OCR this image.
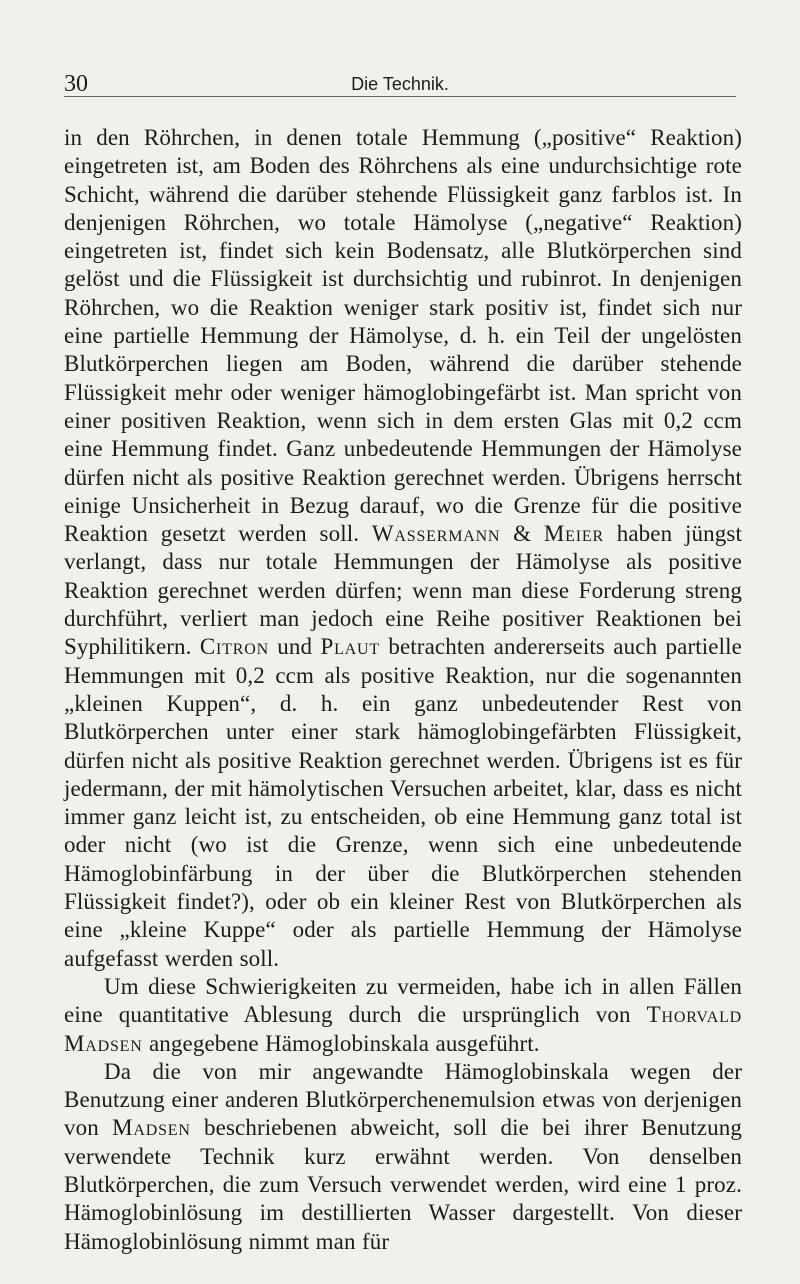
30	Die Technik.

in den Röhrchen, in denen totale Hemmung („positive“ Reaktion) eingetreten ist, am Boden des Röhrchens als eine undurchsichtige rote Schicht, während die darüber stehende Flüssigkeit ganz farblos ist. In denjenigen Röhrchen, wo totale Hämolyse („negative“ Reaktion) eingetreten ist, findet sich kein Bodensatz, alle Blutkörperchen sind gelöst und die Flüssigkeit ist durchsichtig und rubinrot. In denjenigen Röhrchen, wo die Reaktion weniger stark positiv ist, findet sich nur eine partielle Hemmung der Hämolyse, d. h. ein Teil der ungelösten Blutkörperchen liegen am Boden, während die darüber stehende Flüssigkeit mehr oder weniger hämoglobingefärbt ist. Man spricht von einer positiven Reaktion, wenn sich in dem ersten Glas mit 0,2 ccm eine Hemmung findet. Ganz unbedeutende Hemmungen der Hämolyse dürfen nicht als positive Reaktion gerechnet werden. Übrigens herrscht einige Unsicherheit in Bezug darauf, wo die Grenze für die positive Reaktion gesetzt werden soll. Wassermann & Meier haben jüngst verlangt, dass nur totale Hemmungen der Hämolyse als positive Reaktion gerechnet werden dürfen; wenn man diese Forderung streng durchführt, verliert man jedoch eine Reihe positiver Reaktionen bei Syphilitikern. Citron und Plaut betrachten andererseits auch partielle Hemmungen mit 0,2 ccm als positive Reaktion, nur die sogenannten „kleinen Kuppen“, d. h. ein ganz unbedeutender Rest von Blutkörperchen unter einer stark hämoglobingefärbten Flüssigkeit, dürfen nicht als positive Reaktion gerechnet werden. Übrigens ist es für jedermann, der mit hämolytischen Versuchen arbeitet, klar, dass es nicht immer ganz leicht ist, zu entscheiden, ob eine Hemmung ganz total ist oder nicht (wo ist die Grenze, wenn sich eine unbedeutende Hämoglobinfärbung in der über die Blutkörperchen stehenden Flüssigkeit findet?), oder ob ein kleiner Rest von Blutkörperchen als eine „kleine Kuppe“ oder als partielle Hemmung der Hämolyse aufgefasst werden soll.

Um diese Schwierigkeiten zu vermeiden, habe ich in allen Fällen eine quantitative Ablesung durch die ursprünglich von Thorvald Madsen angegebene Hämoglobinskala ausgeführt.

Da die von mir angewandte Hämoglobinskala wegen der Benutzung einer anderen Blutkörperchenemulsion etwas von derjenigen von Madsen beschriebenen abweicht, soll die bei ihrer Benutzung verwendete Technik kurz erwähnt werden. Von denselben Blutkörperchen, die zum Versuch verwendet werden, wird eine 1 proz. Hämoglobinlösung im destillierten Wasser dargestellt. Von dieser Hämoglobinlösung nimmt man für
